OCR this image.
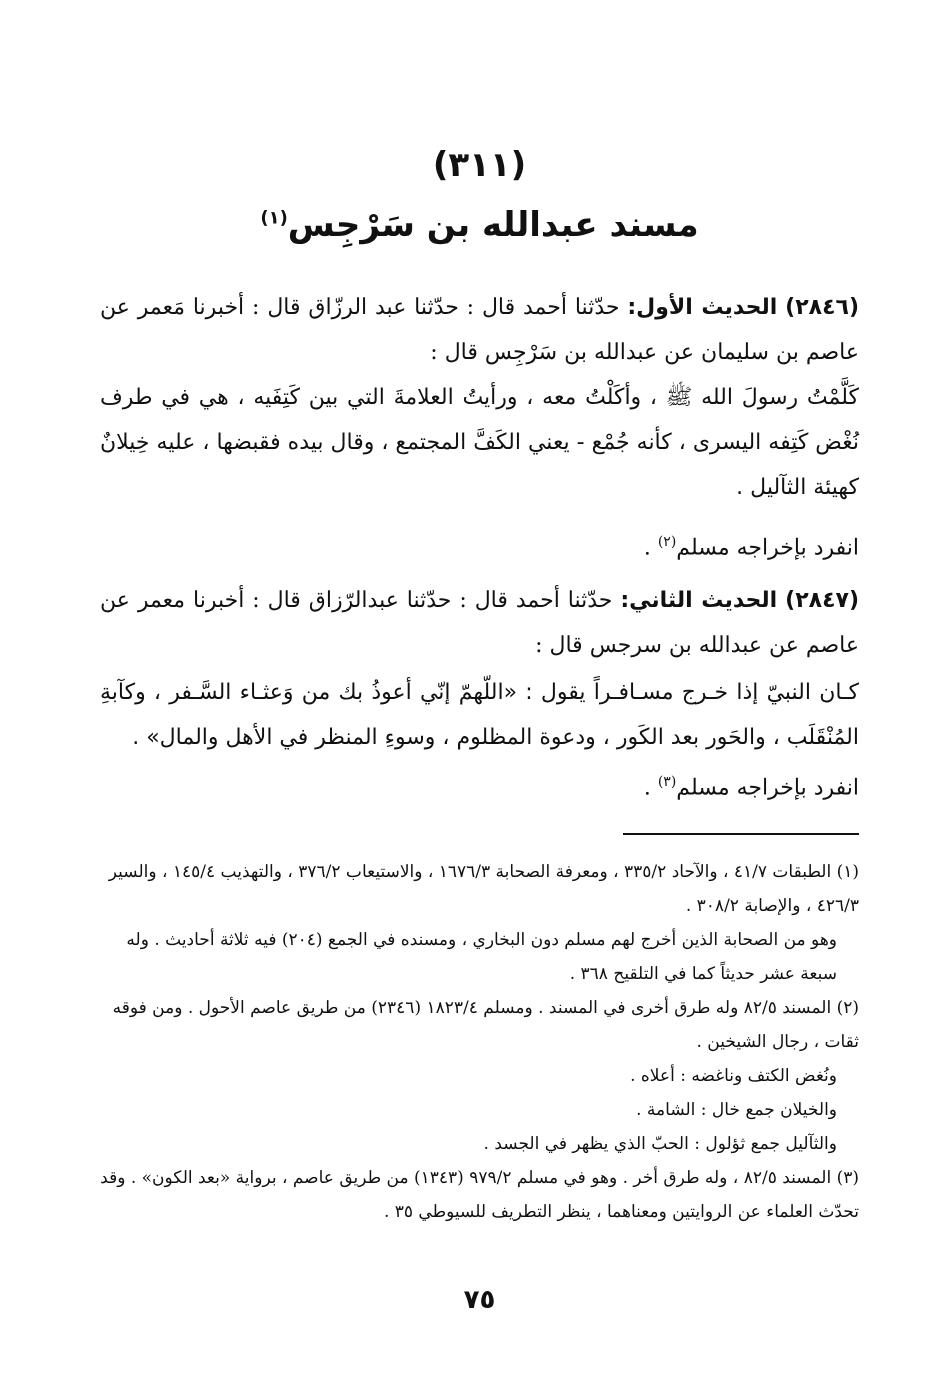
(٣١١)
مسند عبدالله بن سَرْجِس$^{(١)}$

(٢٨٤٦) الحديث الأول: حدّثنا أحمد قال : حدّثنا عبد الرزّاق قال : أخبرنا مَعمر عن عاصم بن سليمان عن عبدالله بن سَرْجِس قال :

كَلَّمْتُ رسولَ الله ﷺ ، وأكَلْتُ معه ، ورأيتُ العلامةَ التي بين كَتِفَيه ، هي في طرف نُغْض كَتِفه اليسرى ، كأنه جُمْع - يعني الكَفَّ المجتمع ، وقال بيده فقبضها ، عليه خِيلانٌ كهيئة الثآليل .

انفرد بإخراجه مسلم$^{(٢)}$ .

(٢٨٤٧) الحديث الثاني: حدّثنا أحمد قال : حدّثنا عبدالرّزاق قال : أخبرنا معمر عن عاصم عن عبدالله بن سرجس قال :

كـان النبيّ إذا خـرج مسـافـراً يقول : «اللّهمّ إنّي أعوذُ بك من وَعثـاء السَّـفر ، وكآبةِ المُنْقَلَب ، والحَور بعد الكَور ، ودعوة المظلوم ، وسوءِ المنظر في الأهل والمال» .

انفرد بإخراجه مسلم$^{(٣)}$ .

(١) الطبقات ٤١/٧ ، والآحاد ٣٣٥/٢ ، ومعرفة الصحابة ١٦٧٦/٣ ، والاستيعاب ٣٧٦/٢ ، والتهذيب ١٤٥/٤ ، والسير ٤٢٦/٣ ، والإصابة ٣٠٨/٢ .

وهو من الصحابة الذين أخرج لهم مسلم دون البخاري ، ومسنده في الجمع (٢٠٤) فيه ثلاثة أحاديث . وله سبعة عشر حديثاً كما في التلقيح ٣٦٨ .

(٢) المسند ٨٢/٥ وله طرق أخرى في المسند . ومسلم ١٨٢٣/٤ (٢٣٤٦) من طريق عاصم الأحول . ومن فوقه ثقات ، رجال الشيخين .

ونُغض الكتف وناغضه : أعلاه .

والخيلان جمع خال : الشامة .

والثآليل جمع ثؤلول : الحبّ الذي يظهر في الجسد .

(٣) المسند ٨٢/٥ ، وله طرق أخر . وهو في مسلم ٩٧٩/٢ (١٣٤٣) من طريق عاصم ، برواية «بعد الكون» . وقد تحدّث العلماء عن الروايتين ومعناهما ، ينظر التطريف للسيوطي ٣٥ .

٧٥
